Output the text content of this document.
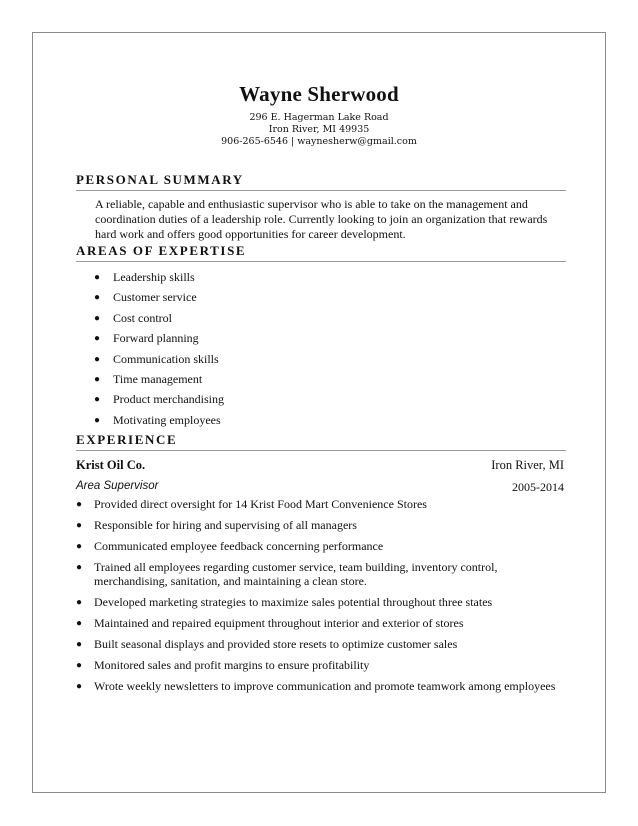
Wayne Sherwood
296 E. Hagerman Lake Road
Iron River, MI 49935
906-265-6546 | waynesherw@gmail.com
PERSONAL SUMMARY
A reliable, capable and enthusiastic supervisor who is able to take on the management and coordination duties of a leadership role. Currently looking to join an organization that rewards hard work and offers good opportunities for career development.
AREAS OF EXPERTISE
● Leadership skills
● Customer service
● Cost control
● Forward planning
● Communication skills
● Time management
● Product merchandising
● Motivating employees
EXPERIENCE
Krist Oil Co.	Iron River, MI
Area Supervisor	2005-2014
● Provided direct oversight for 14 Krist Food Mart Convenience Stores
● Responsible for hiring and supervising of all managers
● Communicated employee feedback concerning performance
● Trained all employees regarding customer service, team building, inventory control, merchandising, sanitation, and maintaining a clean store.
● Developed marketing strategies to maximize sales potential throughout three states
● Maintained and repaired equipment throughout interior and exterior of stores
● Built seasonal displays and provided store resets to optimize customer sales
● Monitored sales and profit margins to ensure profitability
● Wrote weekly newsletters to improve communication and promote teamwork among employees
